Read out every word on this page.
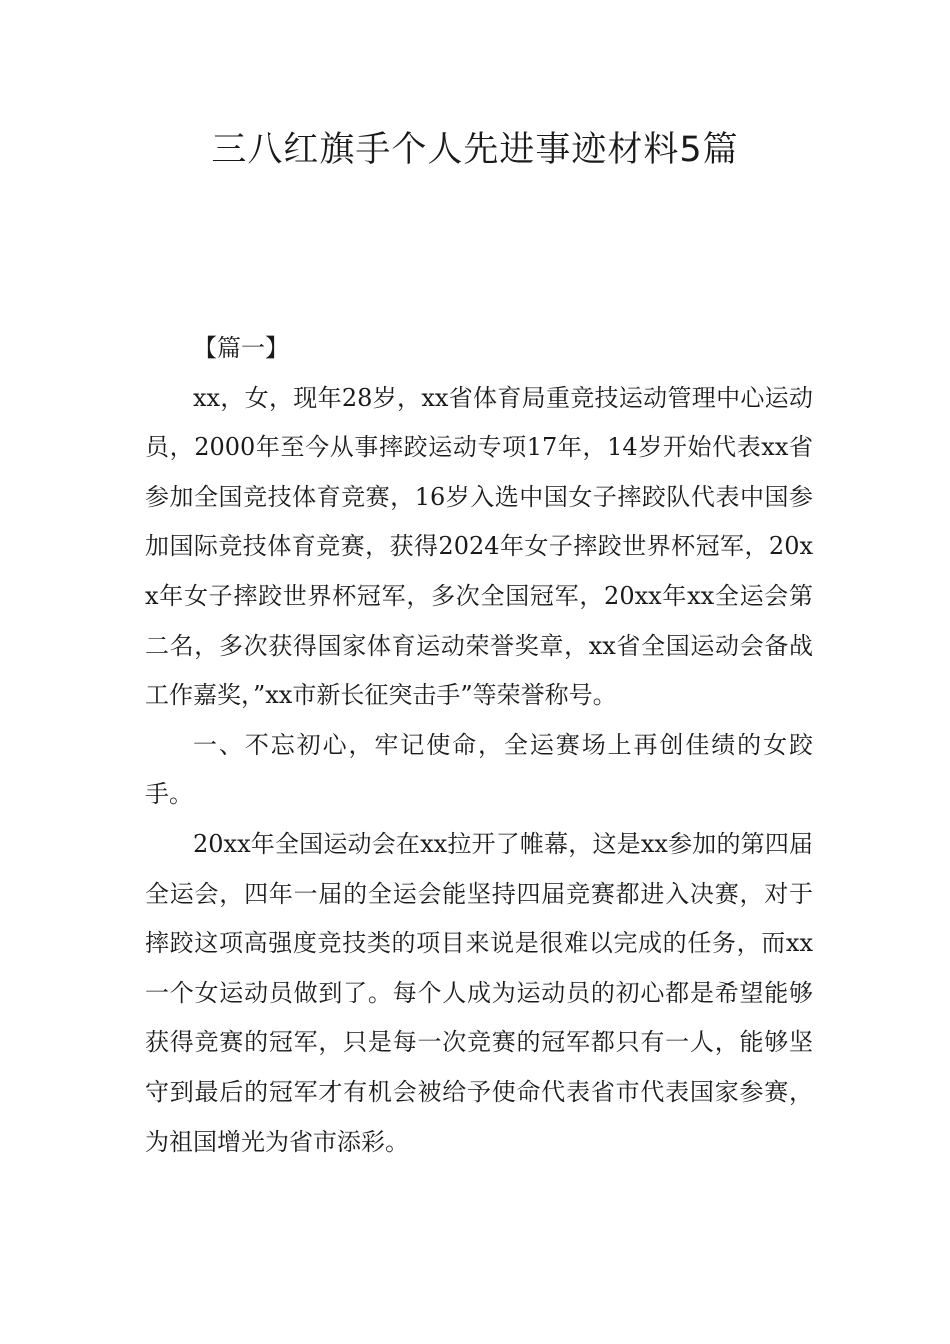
三八红旗手个人先进事迹材料5篇

【篇一】

xx，女，现年28岁，xx省体育局重竞技运动管理中心运动员，2000年至今从事摔跤运动专项17年，14岁开始代表xx省参加全国竞技体育竞赛，16岁入选中国女子摔跤队代表中国参加国际竞技体育竞赛，获得2024年女子摔跤世界杯冠军，20xx年女子摔跤世界杯冠军，多次全国冠军，20xx年xx全运会第二名，多次获得国家体育运动荣誉奖章，xx省全国运动会备战工作嘉奖，”xx市新长征突击手”等荣誉称号。

一、不忘初心，牢记使命，全运赛场上再创佳绩的女跤手。

20xx年全国运动会在xx拉开了帷幕，这是xx参加的第四届全运会，四年一届的全运会能坚持四届竞赛都进入决赛，对于摔跤这项高强度竞技类的项目来说是很难以完成的任务，而xx一个女运动员做到了。每个人成为运动员的初心都是希望能够获得竞赛的冠军，只是每一次竞赛的冠军都只有一人，能够坚守到最后的冠军才有机会被给予使命代表省市代表国家参赛，为祖国增光为省市添彩。
